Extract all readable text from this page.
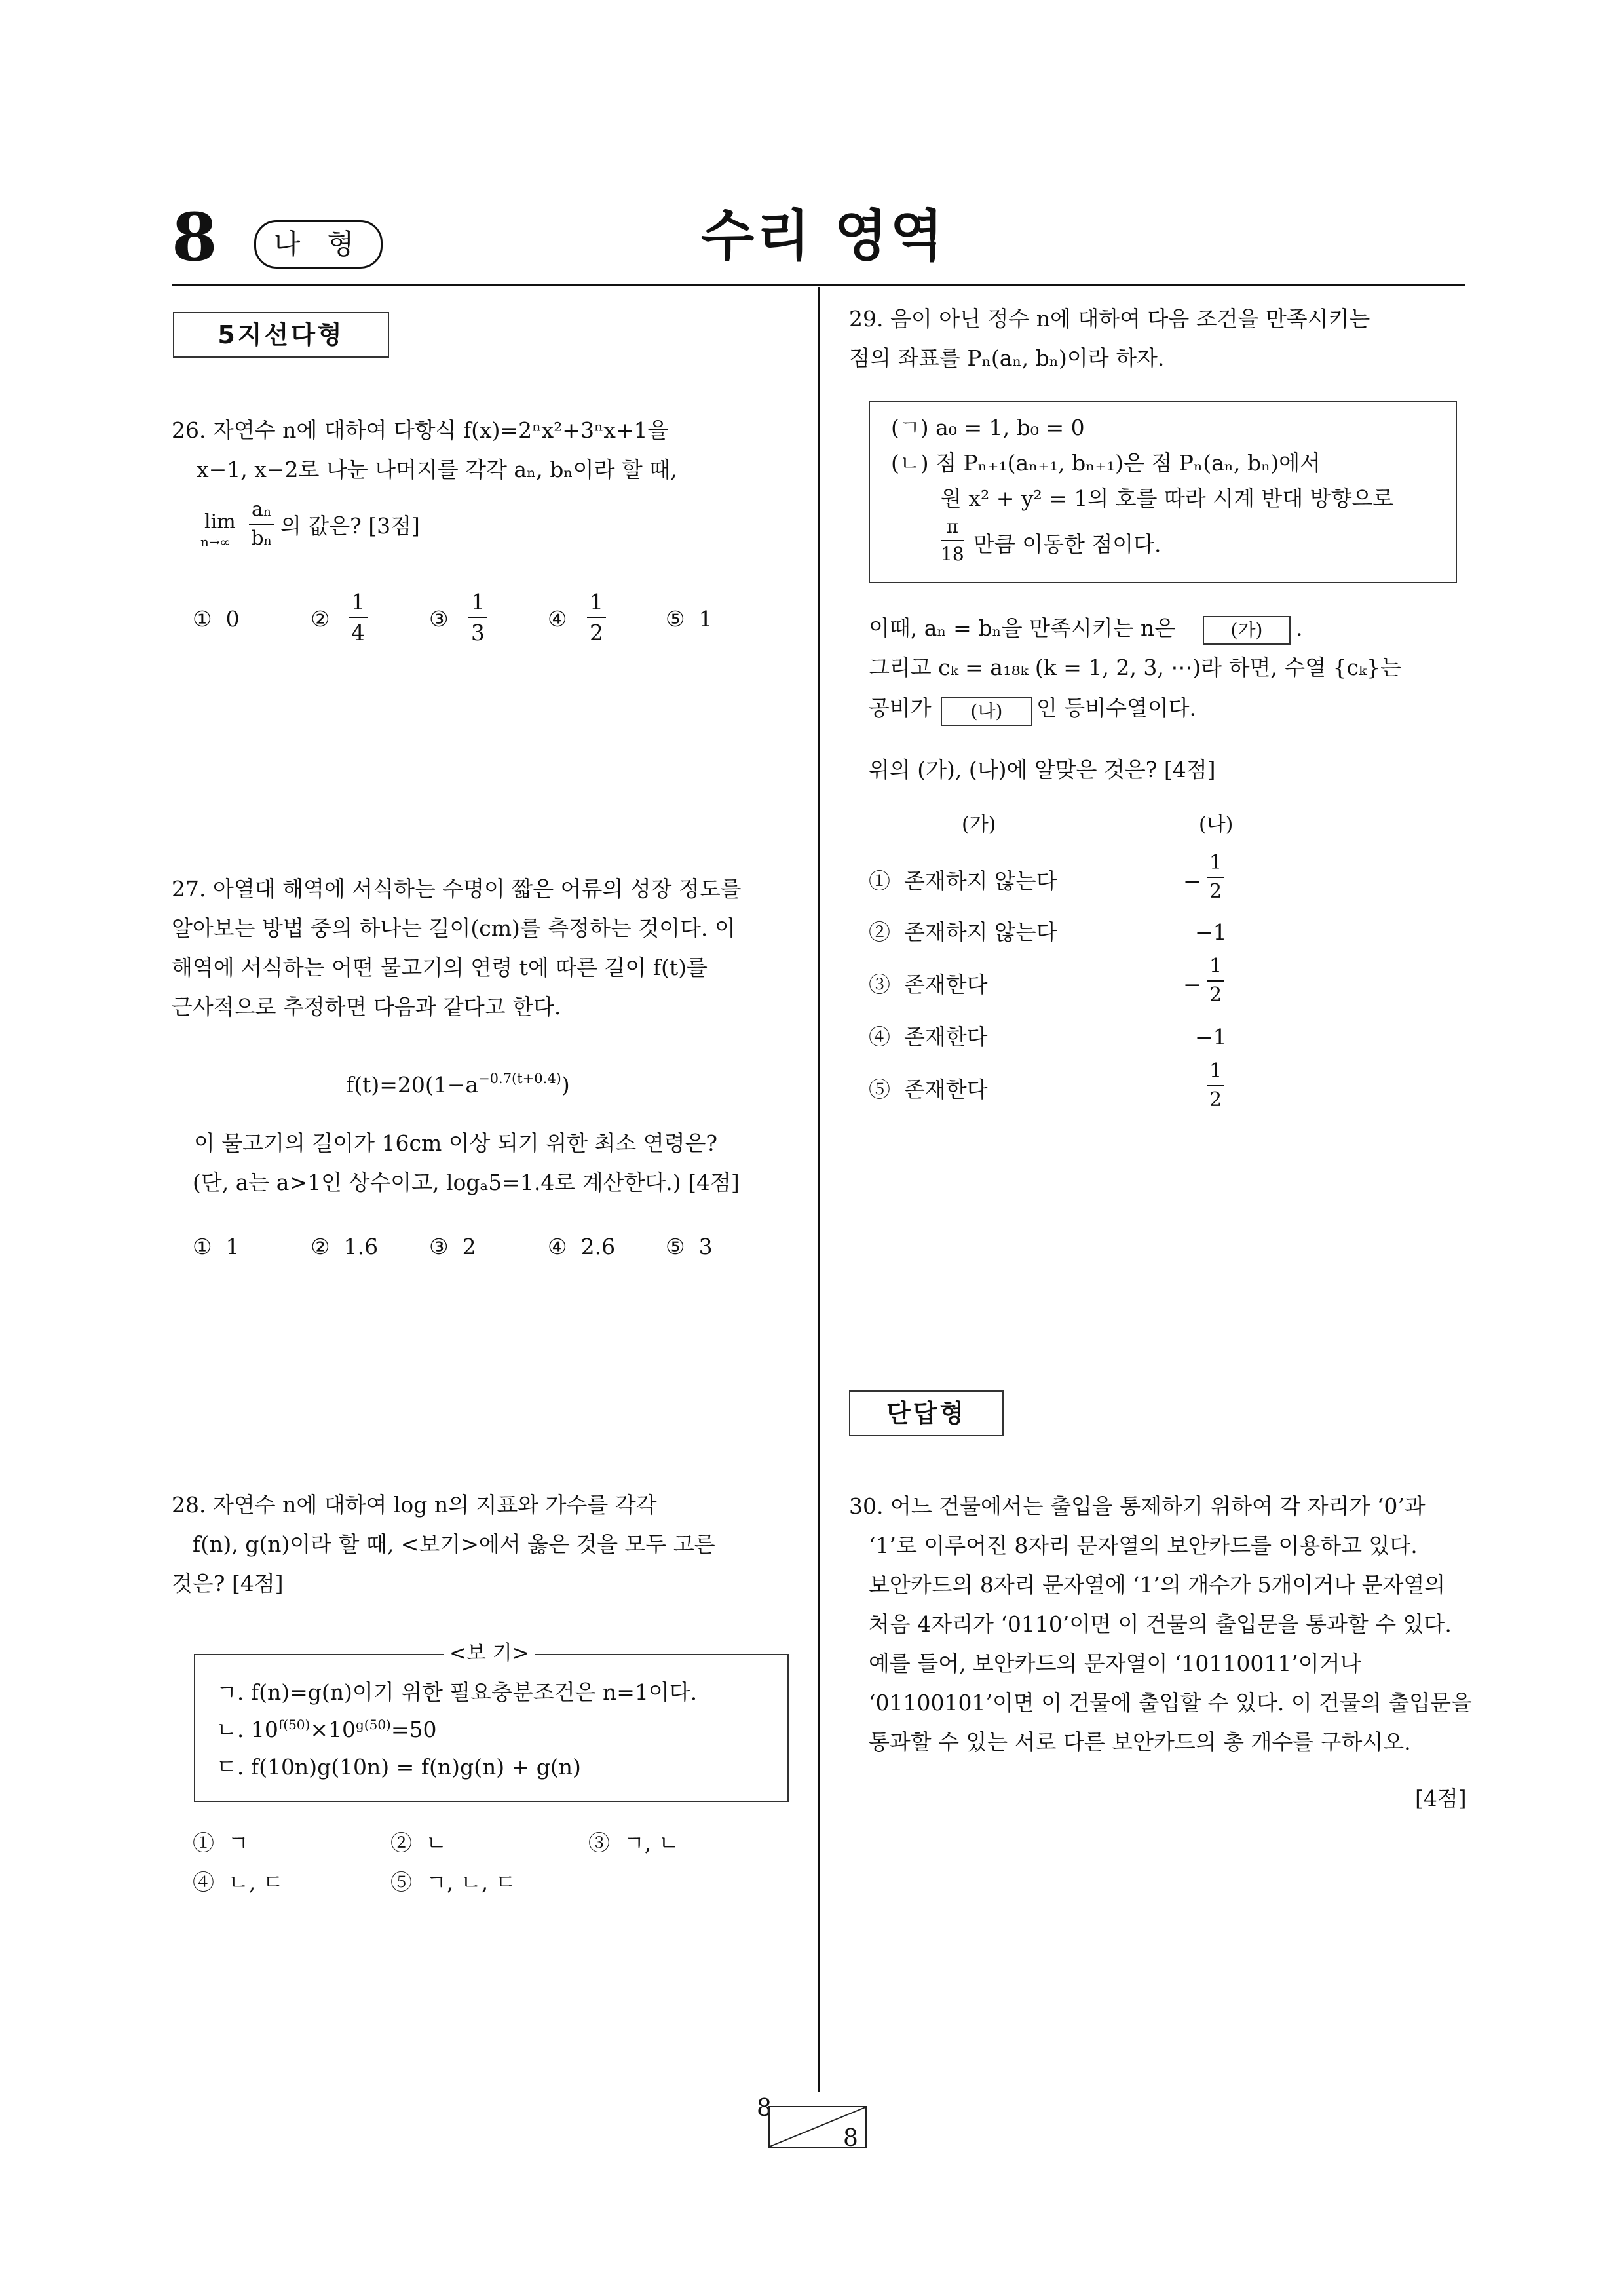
8	나 형	수리 영역
5지선다형
26. 자연수 n에 대하여 다항식 f(x)=2ⁿx²+3ⁿx+1을
x−1, x−2로 나눈 나머지를 각각 aₙ, bₙ이라 할 때,
lim
$n\to\infty \frac{\text{aₙ}}{\text{bₙ}}$ 의 값은? [3점]
① 0	② $\frac{1}{4}$	③ $\frac{1}{3}$	④ $\frac{1}{2}$	⑤ 1
27. 아열대 해역에 서식하는 수명이 짧은 어류의 성장 정도를
알아보는 방법 중의 하나는 길이(cm)를 측정하는 것이다. 이
해역에 서식하는 어떤 물고기의 연령 t에 따른 길이 f(t)를
근사적으로 추정하면 다음과 같다고 한다.
$f(t)=20(1-a^{-0.7(t+0.4)})$
이 물고기의 길이가 16cm 이상 되기 위한 최소 연령은?
(단, a는 a>1인 상수이고, logₐ5=1.4로 계산한다.) [4점]
① 1	② 1.6 ③ 2	④ 2.6 ⑤ 3
28. 자연수 n에 대하여 log n의 지표와 가수를 각각
f(n), g(n)이라 할 때, <보기>에서 옳은 것을 모두 고른
것은? [4점]
<보 기>
ㄱ. f(n)=g(n)이기 위한 필요충분조건은 n=1이다.
ㄴ. $10^{f(50)}\times 10^{g(50)}=50$
ㄷ. f(10n)g(10n) = f(n)g(n) + g(n)
① ㄱ	② ㄴ	③ ㄱ, ㄴ
④ ㄴ, ㄷ	⑤ ㄱ, ㄴ, ㄷ
29. 음이 아닌 정수 n에 대하여 다음 조건을 만족시키는
점의 좌표를 Pₙ(aₙ, bₙ)이라 하자.
(ㄱ) a₀ = 1, b₀ = 0
(ㄴ) 점 Pₙ₊₁(aₙ₊₁, bₙ₊₁)은 점 Pₙ(aₙ, bₙ)에서
원 x² + y² = 1의 호를 따라 시계 반대 방향으로
$\frac{\pi}{18}$ 만큼 이동한 점이다.
이때, aₙ = bₙ을 만족시키는 n은	(가)	.
그리고 cₖ = a₁₈ₖ (k = 1, 2, 3, ⋯)라 하면, 수열 {cₖ}는
공비가	(나)	인 등비수열이다.
위의 (가), (나)에 알맞은 것은? [4점]
(가)	(나)
① 존재하지 않는다	− $\frac{1}{2}$
② 존재하지 않는다	−1
③ 존재한다	− $\frac{1}{2}$
④ 존재한다	−1
⑤ 존재한다	$\frac{1}{2}$
단답형
30. 어느 건물에서는 출입을 통제하기 위하여 각 자리가 ‘0’과
‘1’로 이루어진 8자리 문자열의 보안카드를 이용하고 있다.
보안카드의 8자리 문자열에 ‘1’의 개수가 5개이거나 문자열의
처음 4자리가 ‘0110’이면 이 건물의 출입문을 통과할 수 있다.
예를 들어, 보안카드의 문자열이 ‘10110011’이거나
‘01100101’이면 이 건물에 출입할 수 있다. 이 건물의 출입문을
통과할 수 있는 서로 다른 보안카드의 총 개수를 구하시오.
[4점]
8
8
